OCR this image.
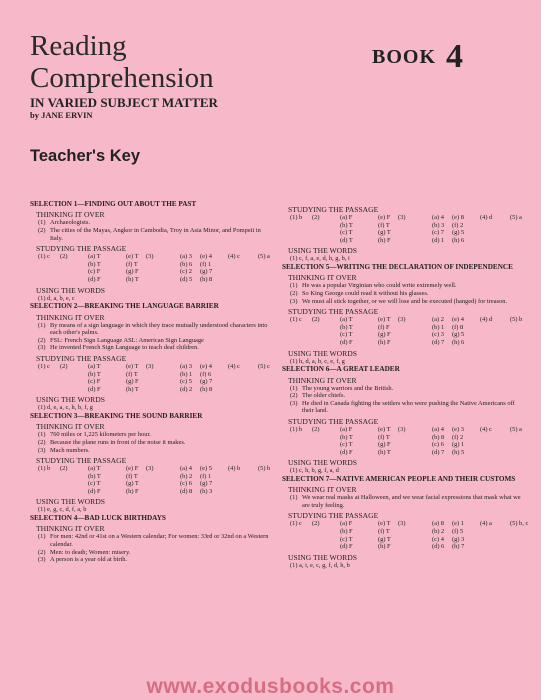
Reading
Comprehension
IN VARIED SUBJECT MATTER
by JANE ERVIN
BOOK 4
Teacher's Key
SELECTION 1—FINDING OUT ABOUT THE PAST
THINKING IT OVER
(1) Archaeologists.
(2) The cities of the Mayas, Angkor in Cambodia, Troy in Asia Minor, and Pompeii in Italy.
STUDYING THE PASSAGE
(1) c	(2)	(a) T	(e) T	(3)	(a) 3	(e) 4	(4) c	(5) a
(b) T	(f) T	(b) 6	(f) 1
(c) F	(g) F	(c) 2	(g) 7
(d) F	(h) T	(d) 5	(h) 8
USING THE WORDS
(1) d, a, b, e, c
SELECTION 2—BREAKING THE LANGUAGE BARRIER
THINKING IT OVER
(1) By means of a sign language in which they trace mutually understood characters into each other's palms.
(2) FSL: French Sign Language ASL: American Sign Language
(3) He invented French Sign Language to teach deaf children.
STUDYING THE PASSAGE
(1) c	(2)	(a) T	(e) T	(3)	(a) 3	(e) 4	(4) c	(5) c
(b) T	(f) T	(b) 1	(f) 6
(c) F	(g) F	(c) 5	(g) 7
(d) F	(h) T	(d) 2	(h) 8
USING THE WORDS
(1) d, e, a, c, h, b, f, g
SELECTION 3—BREAKING THE SOUND BARRIER
THINKING IT OVER
(1) 760 miles or 1,225 kilometers per hour.
(2) Because the plane runs in front of the noise it makes.
(3) Mach numbers.
STUDYING THE PASSAGE
(1) b	(2)	(a) T	(e) F	(3)	(a) 4	(e) 5	(4) b	(5) b
(b) T	(f) T	(b) 2	(f) 1
(c) T	(g) T	(c) 6	(g) 7
(d) F	(h) F	(d) 8	(h) 3
USING THE WORDS
(1) e, g, c, d, f, a, b
SELECTION 4—BAD LUCK BIRTHDAYS
THINKING IT OVER
(1) For men: 42nd or 41st on a Western calendar; For women: 33rd or 32nd on a Western calendar.
(2) Men: to death; Women: misery.
(3) A person is a year old at birth.
STUDYING THE PASSAGE
(1) b	(2)	(a) F	(e) F	(3)	(a) 4	(e) 8	(4) d	(5) a
(b) T	(f) T	(b) 3	(f) 2
(c) T	(g) T	(c) 7	(g) 5
(d) T	(h) F	(d) 1	(h) 6
USING THE WORDS
(1) c, f, a, e, d, h, g, b, i
SELECTION 5—WRITING THE DECLARATION OF INDEPENDENCE
THINKING IT OVER
(1) He was a popular Virginian who could write extremely well.
(2) So King George could read it without his glasses.
(3) We must all stick together, or we will lose and be executed (hanged) for treason.
STUDYING THE PASSAGE
(1) c	(2)	(a) T	(e) T	(3)	(a) 2	(e) 4	(4) d	(5) b
(b) T	(f) F	(b) 1	(f) 8
(c) T	(g) F	(c) 3	(g) 5
(d) F	(h) F	(d) 7	(h) 6
USING THE WORDS
(1) h, d, a, b, c, e, f, g
SELECTION 6—A GREAT LEADER
THINKING IT OVER
(1) The young warriors and the British.
(2) The older chiefs.
(3) He died in Canada fighting the settlers who were pushing the Native Americans off their land.
STUDYING THE PASSAGE
(1) b	(2)	(a) F	(e) T	(3)	(a) 4	(e) 3	(4) c	(5) a
(b) T	(f) T	(b) 8	(f) 2
(c) T	(g) F	(c) 6	(g) 1
(d) F	(h) T	(d) 7	(h) 5
USING THE WORDS
(1) c, h, b, g, f, a, d
SELECTION 7—NATIVE AMERICAN PEOPLE AND THEIR CUSTOMS
THINKING IT OVER
(1) We wear real masks at Halloween, and we wear facial expressions that mask what we are truly feeling.
STUDYING THE PASSAGE
(1) c	(2)	(a) F	(e) T	(3)	(a) 8	(e) 1	(4) a	(5) b, c
(b) F	(f) T	(b) 2	(f) 5
(c) T	(g) T	(c) 4	(g) 3
(d) F	(h) F	(d) 6	(h) 7
USING THE WORDS
(1) a, i, e, c, g, f, d, h, b
www.exodusbooks.com
